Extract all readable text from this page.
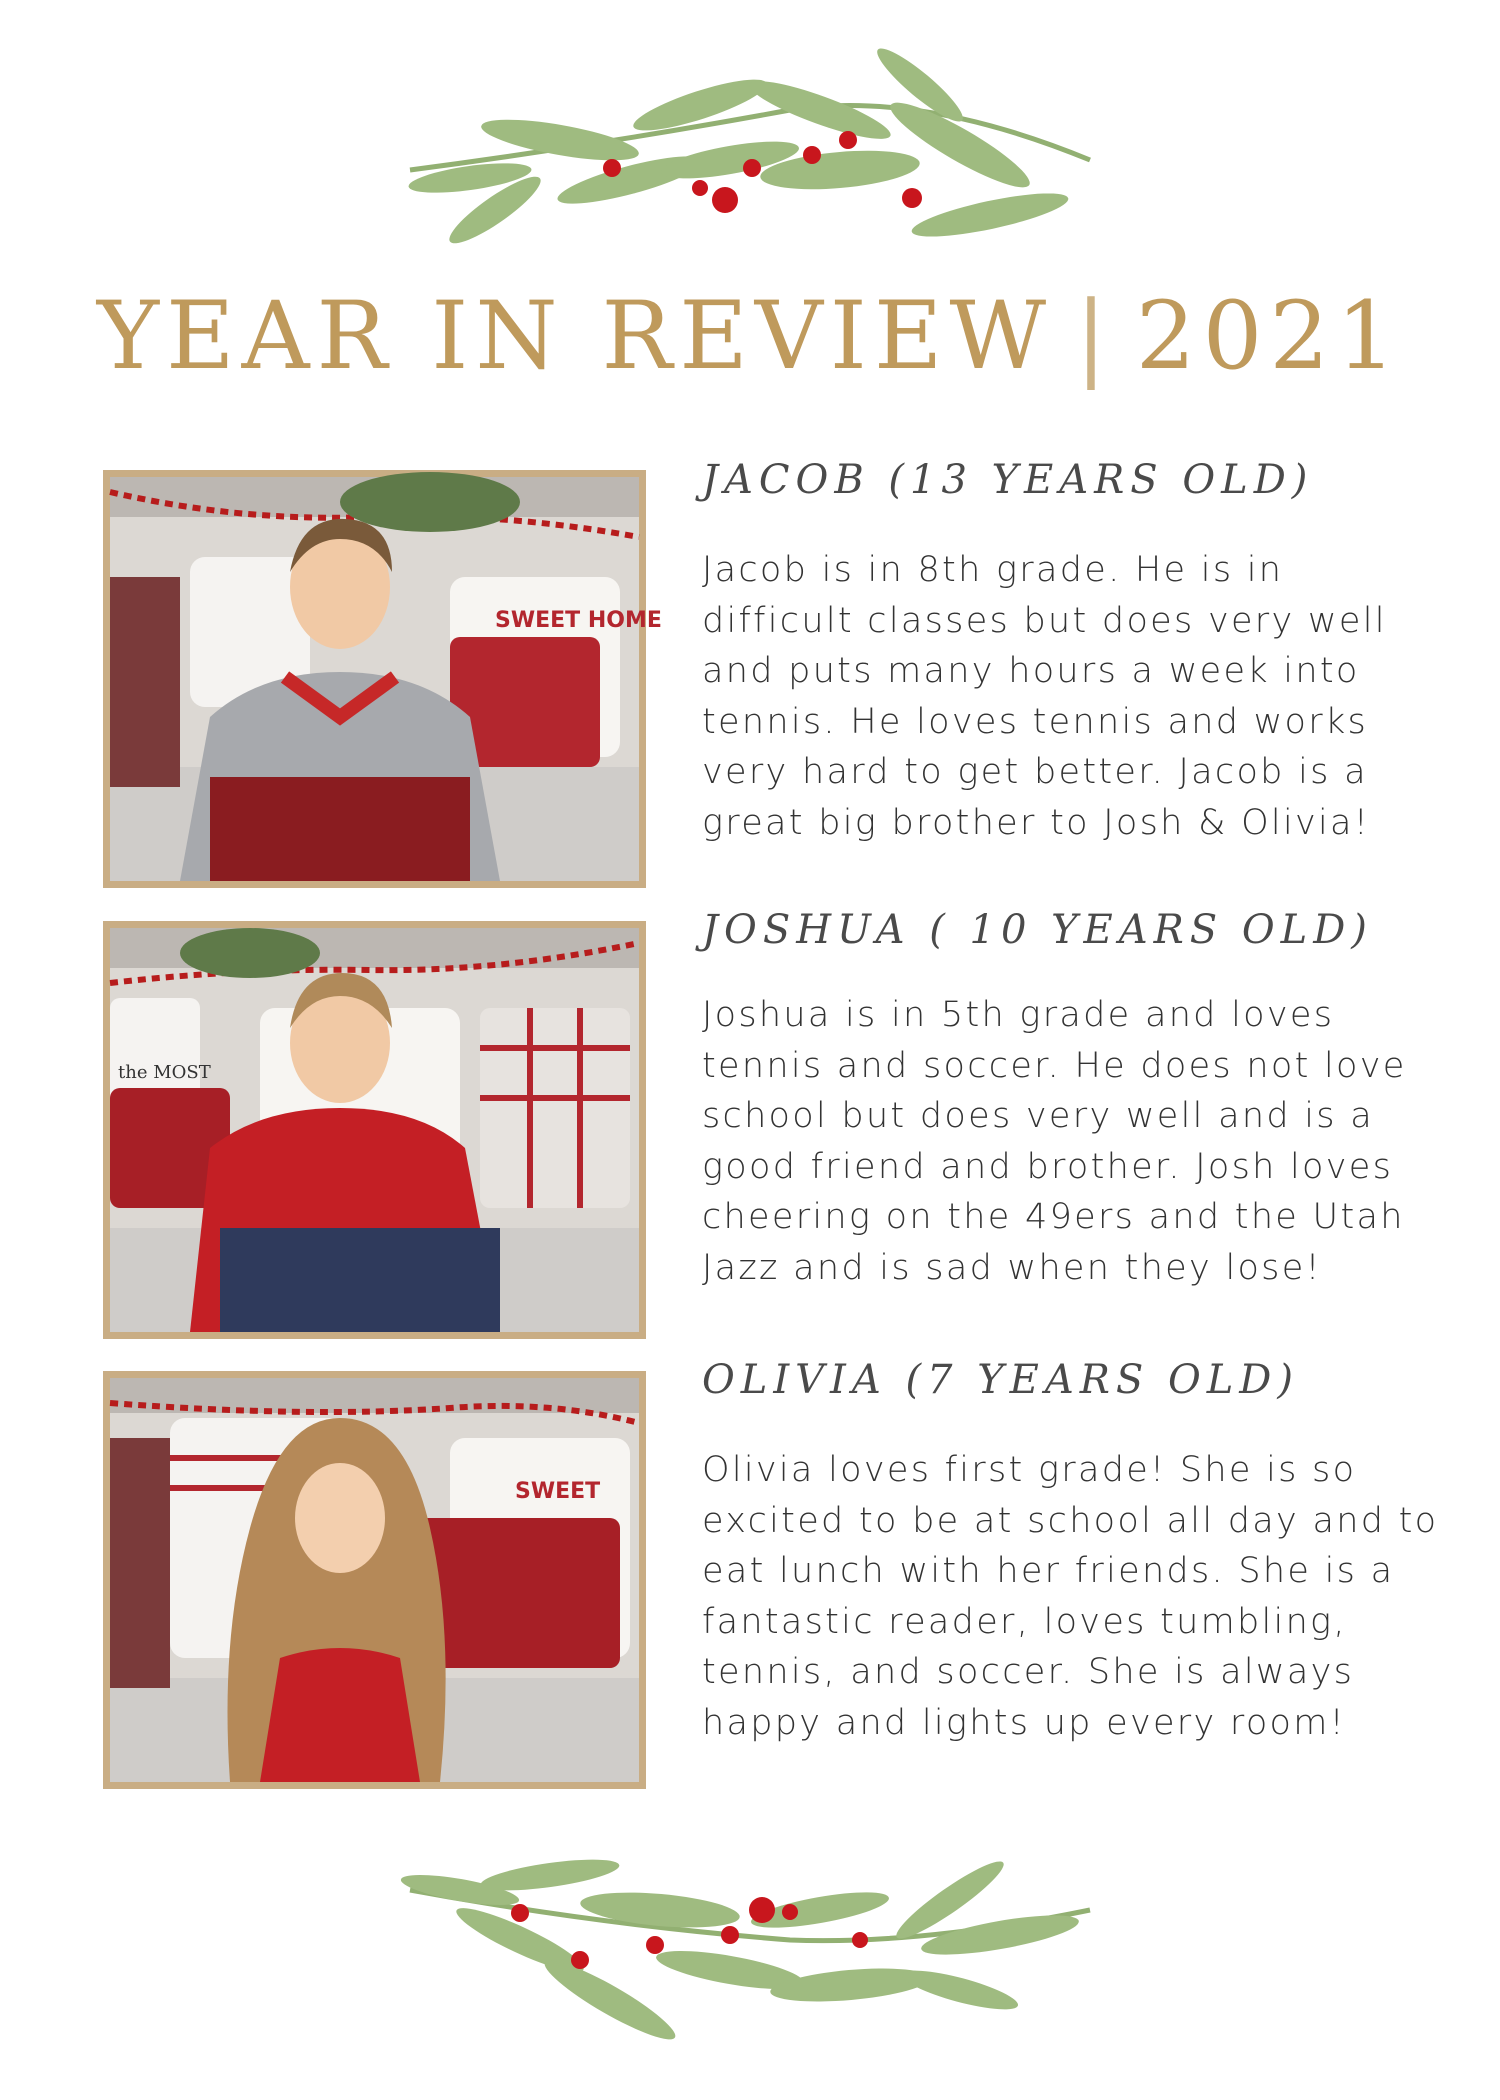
YEAR IN REVIEW | 2021
SWEET HOME
JACOB (13 YEARS OLD)
Jacob is in 8th grade. He is in difficult classes but does very well and puts many hours a week into tennis. He loves tennis and works very hard to get better. Jacob is a great big brother to Josh & Olivia!
the MOST
JOSHUA ( 10 YEARS OLD)
Joshua is in 5th grade and loves tennis and soccer. He does not love school but does very well and is a good friend and brother. Josh loves cheering on the 49ers and the Utah Jazz and is sad when they lose!
SWEET
OLIVIA (7 YEARS OLD)
Olivia loves first grade! She is so excited to be at school all day and to eat lunch with her friends. She is a fantastic reader, loves tumbling, tennis, and soccer. She is always happy and lights up every room!
